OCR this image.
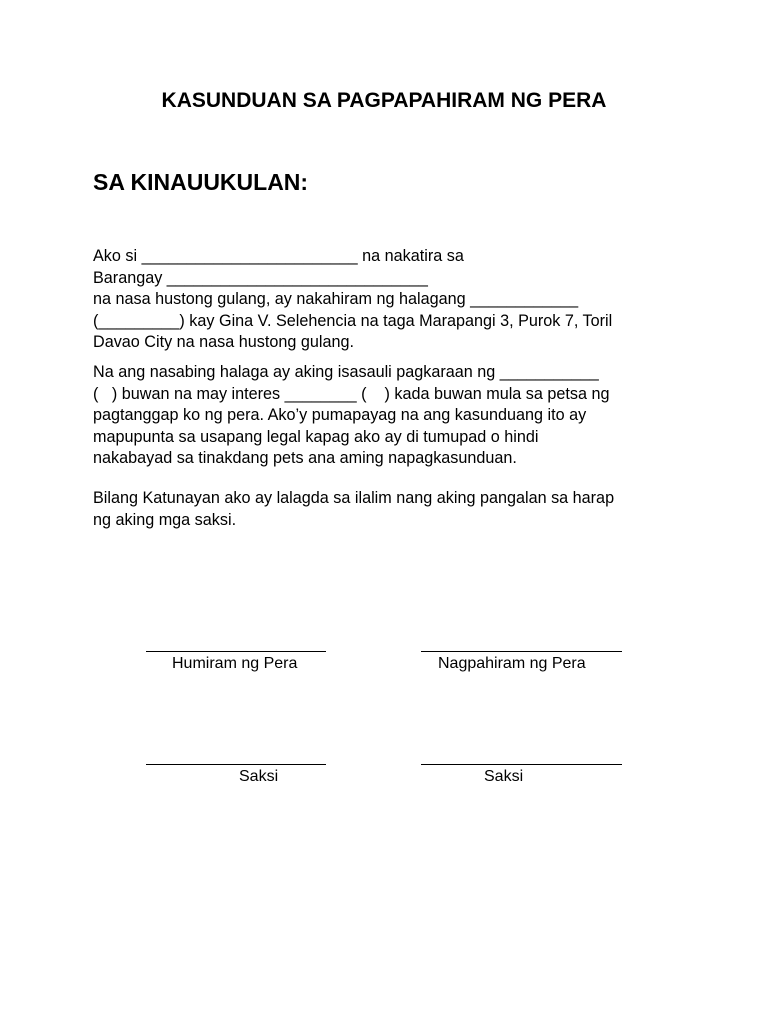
KASUNDUAN SA PAGPAPAHIRAM NG PERA
SA KINAUUKULAN:
Ako si ________________________ na nakatira sa
Barangay _____________________________
na nasa hustong gulang, ay nakahiram ng halagang ____________
(_________) kay Gina V. Selehencia na taga Marapangi 3, Purok 7, Toril
Davao City na nasa hustong gulang.
Na ang nasabing halaga ay aking isasauli pagkaraan ng ___________
(   ) buwan na may interes ________ (    ) kada buwan mula sa petsa ng
pagtanggap ko ng pera. Ako’y pumapayag na ang kasunduang ito ay
mapupunta sa usapang legal kapag ako ay di tumupad o hindi
nakabayad sa tinakdang pets ana aming napagkasunduan.
Bilang Katunayan ako ay lalagda sa ilalim nang aking pangalan sa harap
ng aking mga saksi.
Humiram ng Pera	Nagpahiram ng Pera
Saksi	Saksi
